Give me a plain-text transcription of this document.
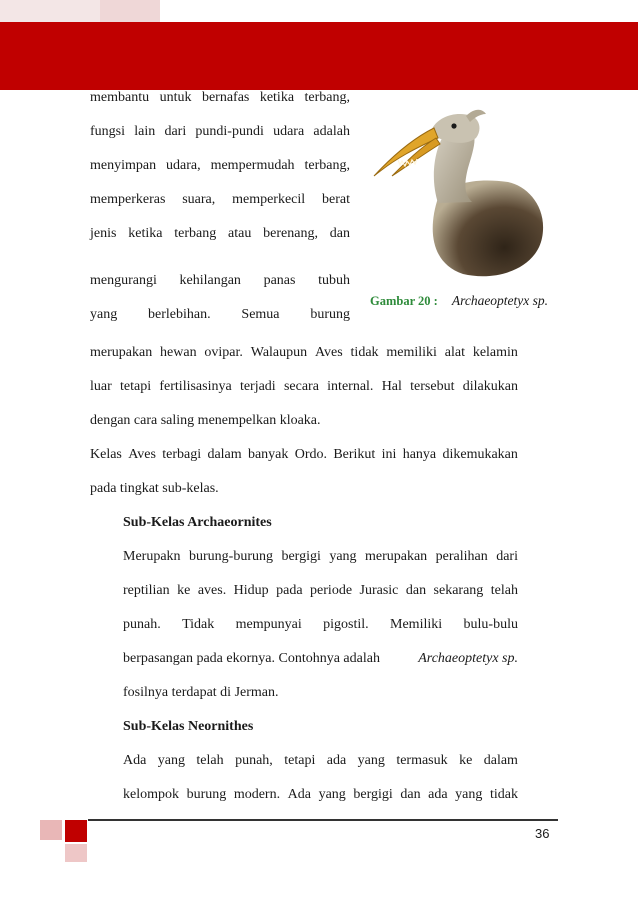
membantu untuk bernafas ketika terbang,
fungsi lain dari pundi-pundi udara adalah
menyimpan udara, mempermudah terbang,
memperkeras suara, memperkecil berat
jenis ketika terbang atau berenang, dan
mengurangi kehilangan panas tubuh
yang berlebihan. Semua burung
Gambar 20 : Archaeoptetyx sp.
merupakan hewan ovipar. Walaupun Aves tidak memiliki alat kelamin
luar tetapi fertilisasinya terjadi secara internal. Hal tersebut dilakukan
dengan cara saling menempelkan kloaka.
Kelas Aves terbagi dalam banyak Ordo. Berikut ini hanya dikemukakan
pada tingkat sub-kelas.
Sub-Kelas Archaeornites
Merupakn burung-burung bergigi yang merupakan peralihan dari
reptilian ke aves. Hidup pada periode Jurasic dan sekarang telah
punah. Tidak mempunyai pigostil. Memiliki bulu-bulu
berpasangan pada ekornya. Contohnya adalah	Archaeoptetyx sp.
fosilnya terdapat di Jerman.
Sub-Kelas Neornithes
Ada yang telah punah, tetapi ada yang termasuk ke dalam
kelompok burung modern. Ada yang bergigi dan ada yang tidak
36
